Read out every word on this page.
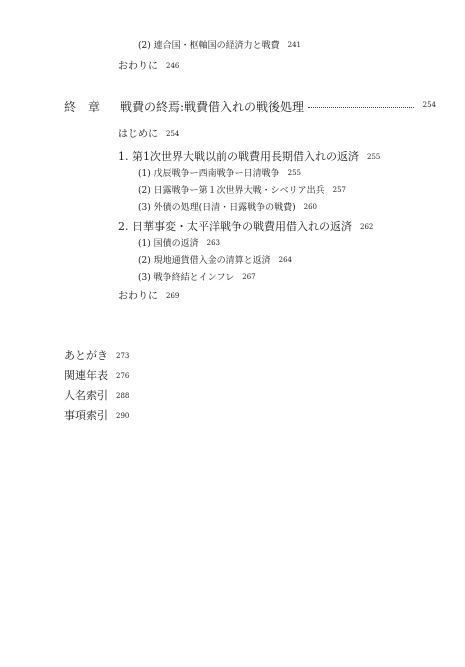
(2) 連合国・枢軸国の経済力と戦費 241
おわりに 246
終 章 戦費の終焉:戦費借入れの戦後処理	254
はじめに 254
1. 第1次世界大戦以前の戦費用長期借入れの返済 255
(1) 戊辰戦争ー西南戦争ー日清戦争 255
(2) 日露戦争ー第１次世界大戦・シベリア出兵 257
(3) 外債の処理(日清・日露戦争の戦費) 260
2. 日華事変・太平洋戦争の戦費用借入れの返済 262
(1) 国債の返済 263
(2) 現地通貨借入金の清算と返済 264
(3) 戦争終結とインフレ 267
おわりに 269
あとがき 273
関連年表 276
人名索引 288
事項索引 290
